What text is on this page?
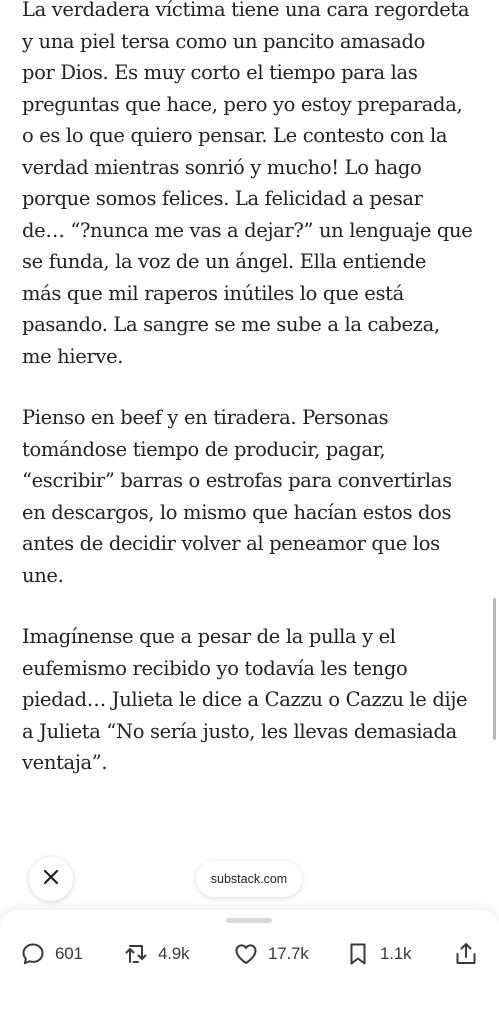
La verdadera víctima tiene una cara regordeta
y una piel tersa como un pancito amasado
por Dios. Es muy corto el tiempo para las
preguntas que hace, pero yo estoy preparada,
o es lo que quiero pensar. Le contesto con la
verdad mientras sonrió y mucho! Lo hago
porque somos felices. La felicidad a pesar
de… “?nunca me vas a dejar?” un lenguaje que
se funda, la voz de un ángel. Ella entiende
más que mil raperos inútiles lo que está
pasando. La sangre se me sube a la cabeza,
me hierve.

Pienso en beef y en tiradera. Personas
tomándose tiempo de producir, pagar,
“escribir” barras o estrofas para convertirlas
en descargos, lo mismo que hacían estos dos
antes de decidir volver al peneamor que los
une.

Imagínense que a pesar de la pulla y el
eufemismo recibido yo todavía les tengo
piedad… Julieta le dice a Cazzu o Cazzu le dije
a Julieta “No sería justo, les llevas demasiada
ventaja”.

substack.com
601	4.9k	17.7k	1.1k
